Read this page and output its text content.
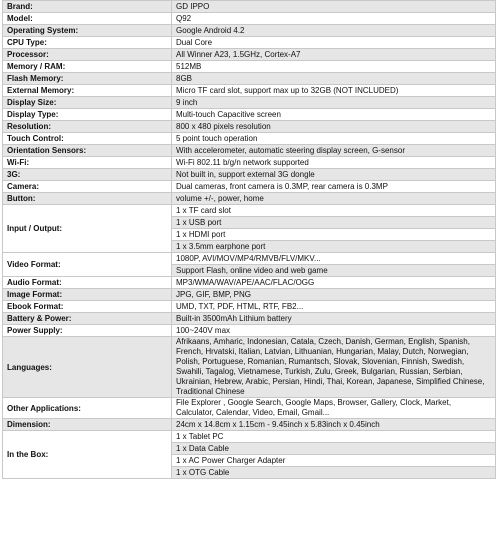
Brand:	GD IPPO
Model:	Q92
Operating System:	Google Android 4.2
CPU Type:	Dual Core
Processor:	All Winner A23, 1.5GHz, Cortex-A7
Memory / RAM:	512MB
Flash Memory:	8GB
External Memory:	Micro TF card slot, support max up to 32GB (NOT INCLUDED)
Display Size:	9 inch
Display Type:	Multi-touch Capacitive screen
Resolution:	800 x 480 pixels resolution
Touch Control:	5 point touch operation
Orientation Sensors:	With accelerometer, automatic steering display screen, G-sensor
Wi-Fi:	Wi-Fi 802.11 b/g/n network supported
3G:	Not built in, support external 3G dongle
Camera:	Dual cameras, front camera is 0.3MP, rear camera is 0.3MP
Button:	volume +/-, power, home
Input / Output:	1 x TF card slot
	1 x USB port
	1 x HDMI port
	1 x 3.5mm earphone port
Video Format:	1080P, AVI/MOV/MP4/RMVB/FLV/MKV...
	Support Flash, online video and web game
Audio Format:	MP3/WMA/WAV/APE/AAC/FLAC/OGG
Image Format:	JPG, GIF, BMP, PNG
Ebook Format:	UMD, TXT, PDF, HTML, RTF, FB2...
Battery & Power:	Built-in 3500mAh Lithium battery
Power Supply:	100~240V max
Languages:	Afrikaans, Amharic, Indonesian, Catala, Czech, Danish, German, English, Spanish, French, Hrvatski, Italian, Latvian, Lithuanian, Hungarian, Malay, Dutch, Norwegian, Polish, Portuguese, Romanian, Rumantsch, Slovak, Slovenian, Finnish, Swedish, Swahili, Tagalog, Vietnamese, Turkish, Zulu, Greek, Bulgarian, Russian, Serbian, Ukrainian, Hebrew, Arabic, Persian, Hindi, Thai, Korean, Japanese, Simplified Chinese, Traditional Chinese
Other Applications:	File Explorer , Google Search, Google Maps, Browser, Gallery, Clock, Market, Calculator, Calendar, Video, Email, Gmail...
Dimension:	24cm x 14.8cm x 1.15cm - 9.45inch x 5.83inch x 0.45inch
In the Box:	1 x Tablet PC
	1 x Data Cable
	1 x AC Power Charger Adapter
	1 x OTG Cable
